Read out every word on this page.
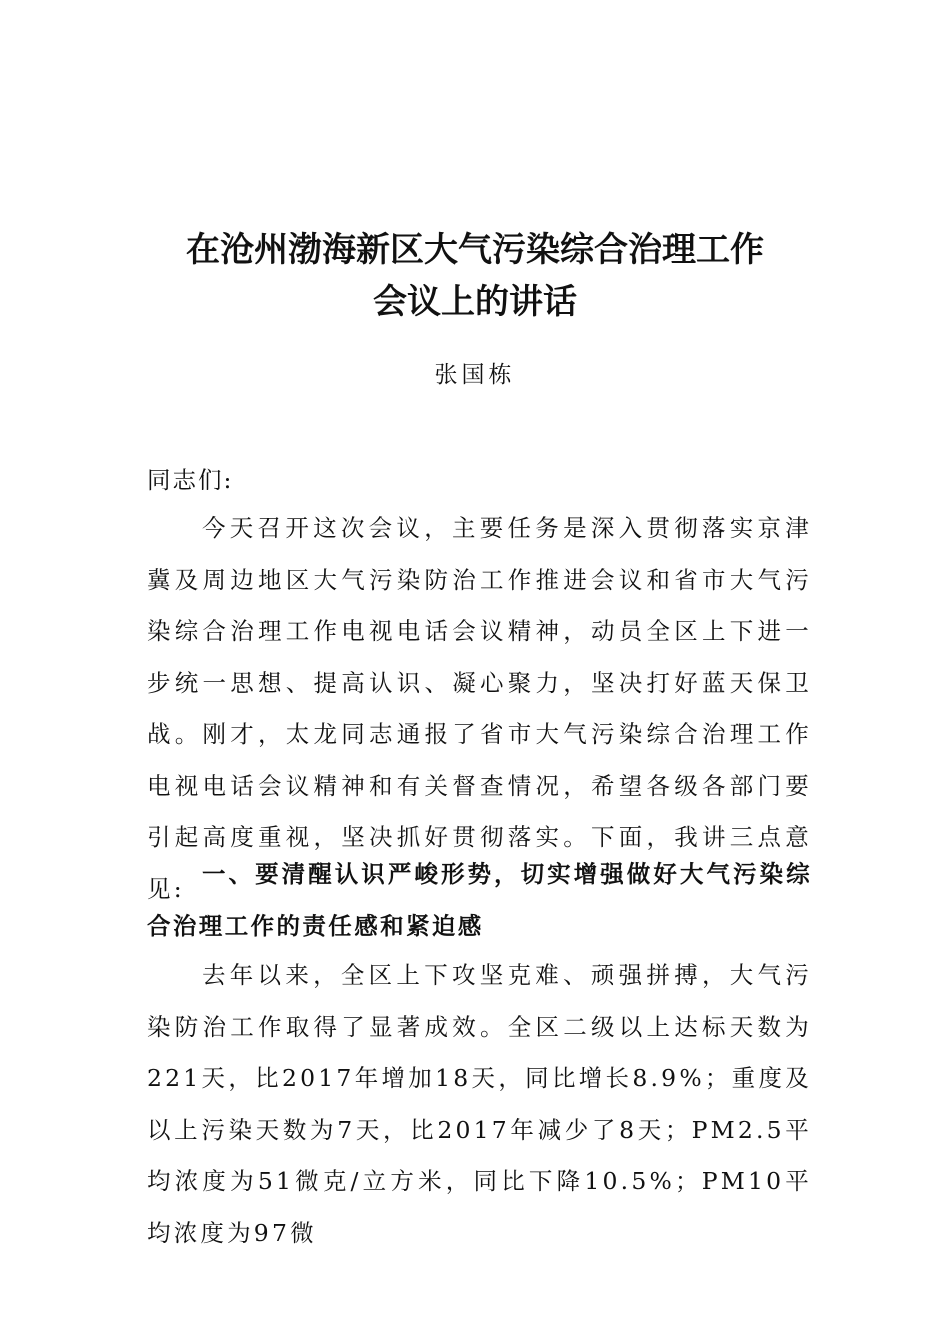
在沧州渤海新区大气污染综合治理工作
会议上的讲话
张国栋

同志们:

今天召开这次会议，主要任务是深入贯彻落实京津冀及周边地区大气污染防治工作推进会议和省市大气污染综合治理工作电视电话会议精神，动员全区上下进一步统一思想、提高认识、凝心聚力，坚决打好蓝天保卫战。刚才，太龙同志通报了省市大气污染综合治理工作电视电话会议精神和有关督查情况，希望各级各部门要引起高度重视，坚决抓好贯彻落实。下面，我讲三点意见:

一、要清醒认识严峻形势，切实增强做好大气污染综合治理工作的责任感和紧迫感

去年以来，全区上下攻坚克难、顽强拼搏，大气污染防治工作取得了显著成效。全区二级以上达标天数为221天，比2017年增加18天，同比增长8.9%；重度及以上污染天数为7天，比2017年减少了8天；PM2.5平均浓度为51微克/立方米，同比下降10.5%；PM10平均浓度为97微
